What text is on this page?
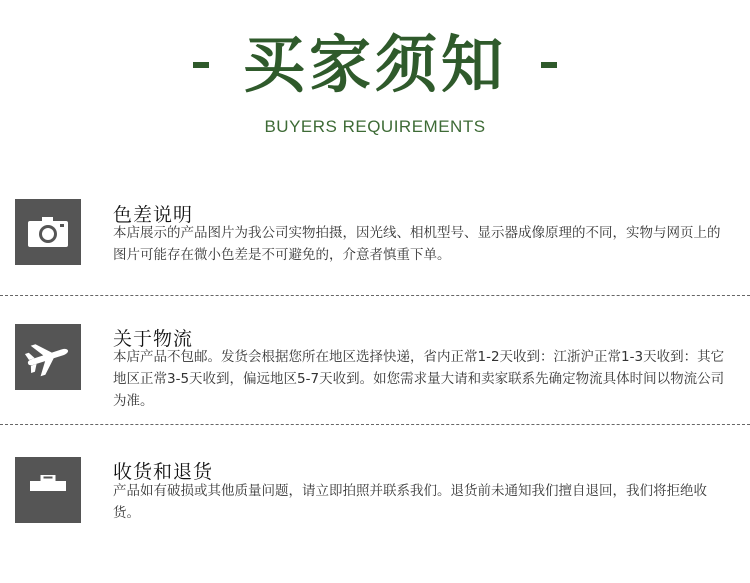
买家须知
BUYERS REQUIREMENTS
色差说明
本店展示的产品图片为我公司实物拍摄，因光线、相机型号、显示器成像原理的不同，实物与网页上的图片可能存在微小色差是不可避免的，介意者慎重下单。
关于物流
本店产品不包邮。发货会根据您所在地区选择快递，省内正常1-2天收到：江浙沪正常1-3天收到：其它地区正常3-5天收到，偏远地区5-7天收到。如您需求量大请和卖家联系先确定物流具体时间以物流公司为准。
收货和退货
产品如有破损或其他质量问题，请立即拍照并联系我们。退货前未通知我们擅自退回，我们将拒绝收货。
